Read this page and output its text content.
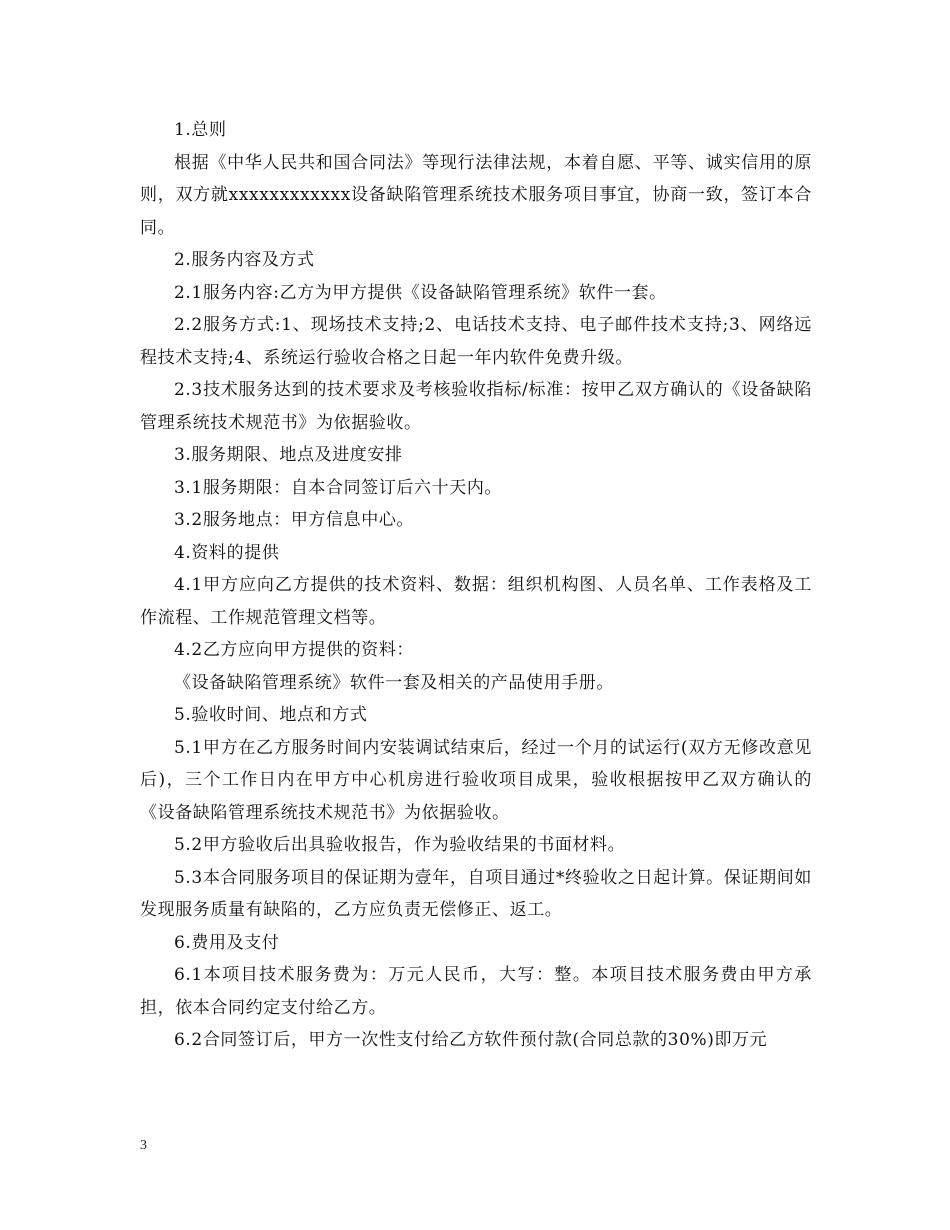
1.总则

根据《中华人民共和国合同法》等现行法律法规，本着自愿、平等、诚实信用的原则，双方就xxxxxxxxxxxx设备缺陷管理系统技术服务项目事宜，协商一致，签订本合同。

2.服务内容及方式

2.1服务内容:乙方为甲方提供《设备缺陷管理系统》软件一套。

2.2服务方式:1、现场技术支持;2、电话技术支持、电子邮件技术支持;3、网络远程技术支持;4、系统运行验收合格之日起一年内软件免费升级。

2.3技术服务达到的技术要求及考核验收指标/标准：按甲乙双方确认的《设备缺陷管理系统技术规范书》为依据验收。

3.服务期限、地点及进度安排

3.1服务期限：自本合同签订后六十天内。

3.2服务地点：甲方信息中心。

4.资料的提供

4.1甲方应向乙方提供的技术资料、数据：组织机构图、人员名单、工作表格及工作流程、工作规范管理文档等。

4.2乙方应向甲方提供的资料：

《设备缺陷管理系统》软件一套及相关的产品使用手册。

5.验收时间、地点和方式

5.1甲方在乙方服务时间内安装调试结束后，经过一个月的试运行(双方无修改意见后)，三个工作日内在甲方中心机房进行验收项目成果，验收根据按甲乙双方确认的《设备缺陷管理系统技术规范书》为依据验收。

5.2甲方验收后出具验收报告，作为验收结果的书面材料。

5.3本合同服务项目的保证期为壹年，自项目通过*终验收之日起计算。保证期间如发现服务质量有缺陷的，乙方应负责无偿修正、返工。

6.费用及支付

6.1本项目技术服务费为：万元人民币，大写：整。本项目技术服务费由甲方承担，依本合同约定支付给乙方。

6.2合同签订后，甲方一次性支付给乙方软件预付款(合同总款的30%)即万元

3
